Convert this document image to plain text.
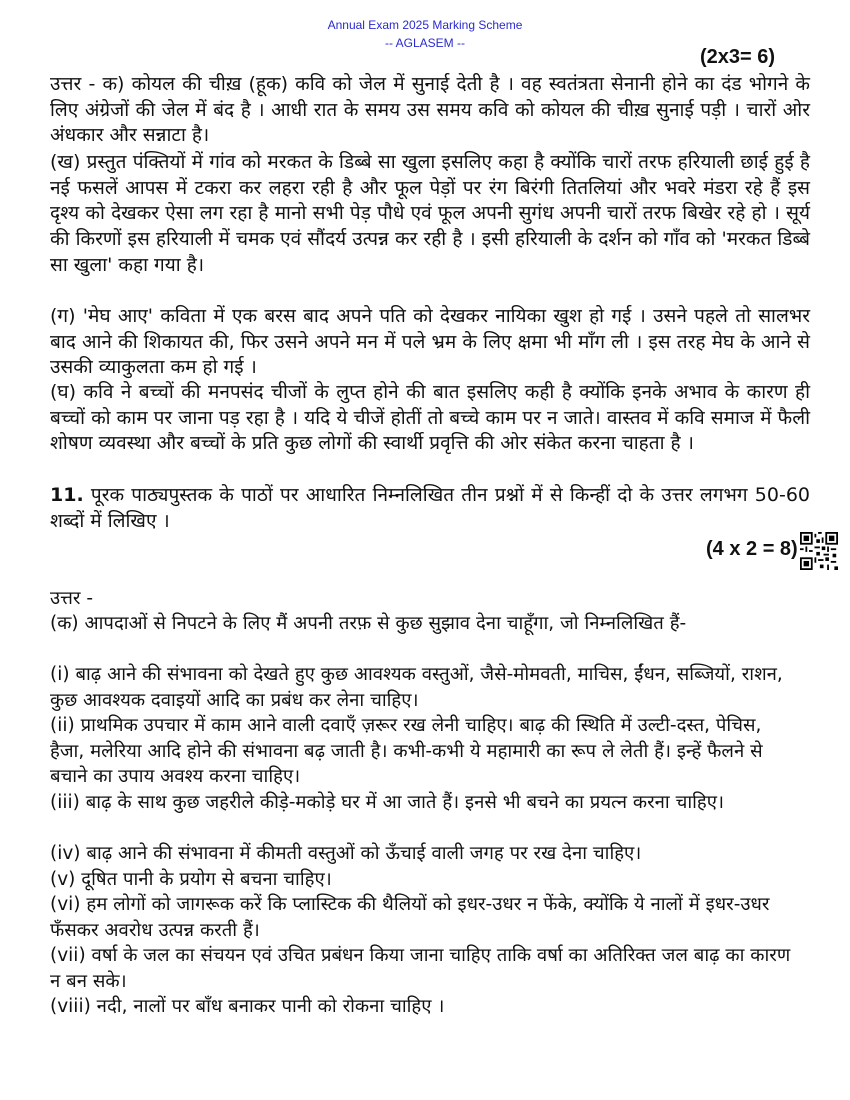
Annual Exam 2025 Marking Scheme
-- AGLASEM --
(2x3= 6)
उत्तर - क) कोयल की चीख़ (हूक) कवि को जेल में सुनाई देती है । वह स्वतंत्रता सेनानी होने का दंड भोगने के लिए अंग्रेजों की जेल में बंद है । आधी रात के समय उस समय कवि को कोयल की चीख़ सुनाई पड़ी । चारों ओर अंधकार और सन्नाटा है।
(ख) प्रस्तुत पंक्तियों में गांव को मरकत के डिब्बे सा खुला इसलिए कहा है क्योंकि चारों तरफ हरियाली छाई हुई है नई फसलें आपस में टकरा कर लहरा रही है और फूल पेड़ों पर रंग बिरंगी तितलियां और भवरे मंडरा रहे हैं इस दृश्य को देखकर ऐसा लग रहा है मानो सभी पेड़ पौधे एवं फूल अपनी सुगंध अपनी चारों तरफ बिखेर रहे हो । सूर्य की किरणों इस हरियाली में चमक एवं सौंदर्य उत्पन्न कर रही है । इसी हरियाली के दर्शन को गाँव को 'मरकत डिब्बे सा खुला' कहा गया है।
(ग) 'मेघ आए' कविता में एक बरस बाद अपने पति को देखकर नायिका खुश हो गई । उसने पहले तो सालभर बाद आने की शिकायत की, फिर उसने अपने मन में पले भ्रम के लिए क्षमा भी माँग ली । इस तरह मेघ के आने से उसकी व्याकुलता कम हो गई ।
(घ) कवि ने बच्चों की मनपसंद चीजों के लुप्त होने की बात इसलिए कही है क्योंकि इनके अभाव के कारण ही बच्चों को काम पर जाना पड़ रहा है । यदि ये चीजें होतीं तो बच्चे काम पर न जाते। वास्तव में कवि समाज में फैली शोषण व्यवस्था और बच्चों के प्रति कुछ लोगों की स्वार्थी प्रवृत्ति की ओर संकेत करना चाहता है ।
11. पूरक पाठ्यपुस्तक के पाठों पर आधारित निम्नलिखित तीन प्रश्नों में से किन्हीं दो के उत्तर लगभग 50-60 शब्दों में लिखिए ।
(4 x 2 = 8)
उत्तर -
(क) आपदाओं से निपटने के लिए मैं अपनी तरफ़ से कुछ सुझाव देना चाहूँगा, जो निम्नलिखित हैं-
(i) बाढ़ आने की संभावना को देखते हुए कुछ आवश्यक वस्तुओं, जैसे-मोमवती, माचिस, ईंधन, सब्जियों, राशन, कुछ आवश्यक दवाइयों आदि का प्रबंध कर लेना चाहिए।
(ii) प्राथमिक उपचार में काम आने वाली दवाएँ ज़रूर रख लेनी चाहिए। बाढ़ की स्थिति में उल्टी-दस्त, पेचिस, हैजा, मलेरिया आदि होने की संभावना बढ़ जाती है। कभी-कभी ये महामारी का रूप ले लेती हैं। इन्हें फैलने से बचाने का उपाय अवश्य करना चाहिए।
(iii) बाढ़ के साथ कुछ जहरीले कीड़े-मकोड़े घर में आ जाते हैं। इनसे भी बचने का प्रयत्न करना चाहिए।
(iv) बाढ़ आने की संभावना में कीमती वस्तुओं को ऊँचाई वाली जगह पर रख देना चाहिए।
(v) दूषित पानी के प्रयोग से बचना चाहिए।
(vi) हम लोगों को जागरूक करें कि प्लास्टिक की थैलियों को इधर-उधर न फेंके, क्योंकि ये नालों में इधर-उधर फँसकर अवरोध उत्पन्न करती हैं।
(vii) वर्षा के जल का संचयन एवं उचित प्रबंधन किया जाना चाहिए ताकि वर्षा का अतिरिक्त जल बाढ़ का कारण न बन सके।
(viii) नदी, नालों पर बाँध बनाकर पानी को रोकना चाहिए ।
